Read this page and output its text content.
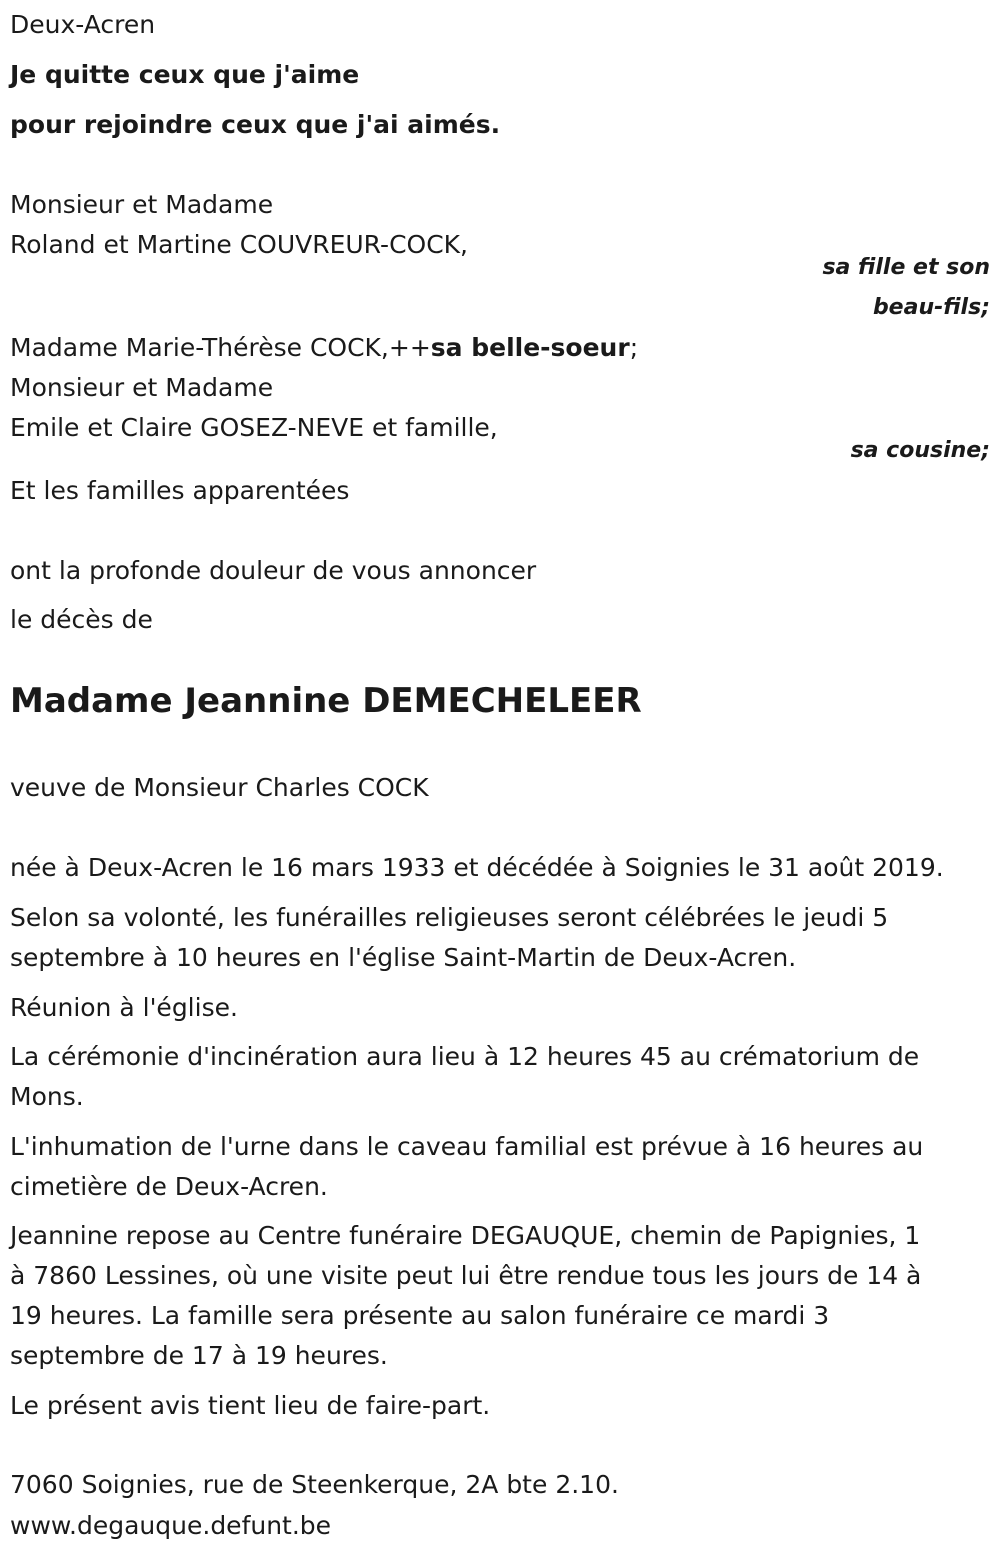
Deux-Acren
Je quitte ceux que j'aime
pour rejoindre ceux que j'ai aimés.
Monsieur et Madame
Roland et Martine COUVREUR-COCK,
sa fille et son
beau-fils;
Madame Marie-Thérèse COCK,++sa belle-soeur;
Monsieur et Madame
Emile et Claire GOSEZ-NEVE et famille,
sa cousine;
Et les familles apparentées
ont la profonde douleur de vous annoncer
le décès de
Madame Jeannine DEMECHELEER
veuve de Monsieur Charles COCK
née à Deux-Acren le 16 mars 1933 et décédée à Soignies le 31 août 2019.
Selon sa volonté, les funérailles religieuses seront célébrées le jeudi 5
septembre à 10 heures en l'église Saint-Martin de Deux-Acren.
Réunion à l'église.
La cérémonie d'incinération aura lieu à 12 heures 45 au crématorium de
Mons.
L'inhumation de l'urne dans le caveau familial est prévue à 16 heures au
cimetière de Deux-Acren.
Jeannine repose au Centre funéraire DEGAUQUE, chemin de Papignies, 1
à 7860 Lessines, où une visite peut lui être rendue tous les jours de 14 à
19 heures. La famille sera présente au salon funéraire ce mardi 3
septembre de 17 à 19 heures.
Le présent avis tient lieu de faire-part.
7060 Soignies, rue de Steenkerque, 2A bte 2.10.
www.degauque.defunt.be
